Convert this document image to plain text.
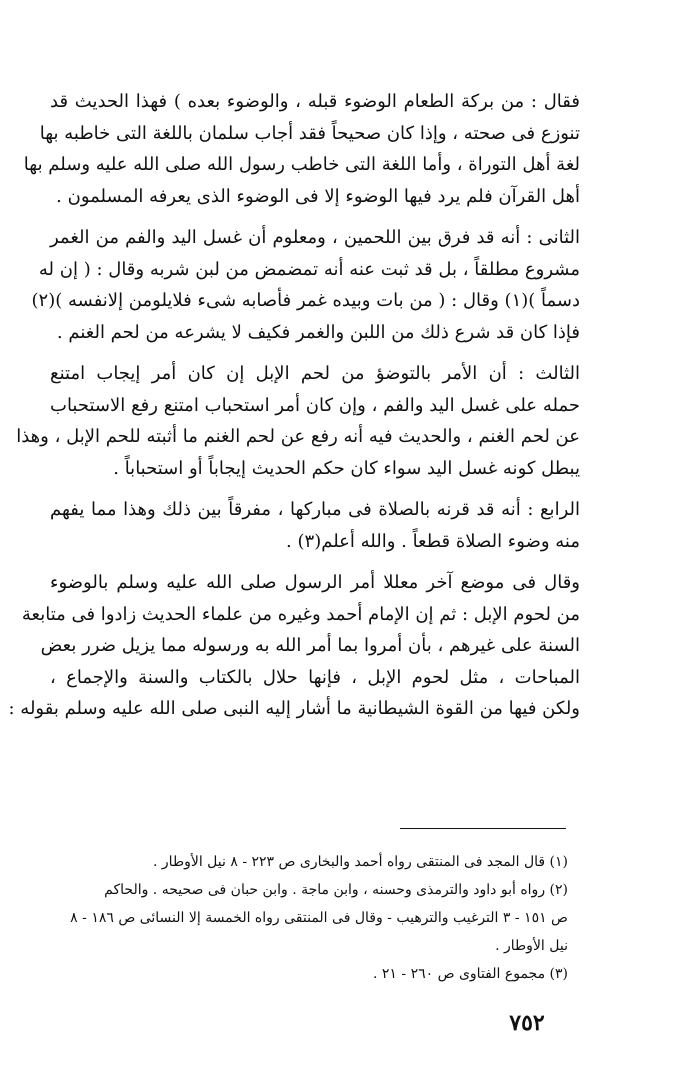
فقال : من بركة الطعام الوضوء قبله ، والوضوء بعده ) فهذا الحديث قد
تنوزع فى صحته ، وإذا كان صحيحاً فقد أجاب سلمان باللغة التى خاطبه بها
لغة أهل التوراة ، وأما اللغة التى خاطب رسول الله صلى الله عليه وسلم بها
أهل القرآن فلم يرد فيها الوضوء إلا فى الوضوء الذى يعرفه المسلمون .

الثانى : أنه قد فرق بين اللحمين ، ومعلوم أن غسل اليد والفم من الغمر
مشروع مطلقاً ، بل قد ثبت عنه أنه تمضمض من لبن شربه وقال : ( إن له
دسماً )(١) وقال : ( من بات وبيده غمر فأصابه شىء فلايلومن إلانفسه )(٢)
فإذا كان قد شرع ذلك من اللبن والغمر فكيف لا يشرعه من لحم الغنم .

الثالث : أن الأمر بالتوضؤ من لحم الإبل إن كان أمر إيجاب امتنع
حمله على غسل اليد والفم ، وإن كان أمر استحباب امتنع رفع الاستحباب
عن لحم الغنم ، والحديث فيه أنه رفع عن لحم الغنم ما أثبته للحم الإبل ، وهذا
يبطل كونه غسل اليد سواء كان حكم الحديث إيجاباً أو استحباباً .

الرابع : أنه قد قرنه بالصلاة فى مباركها ، مفرقاً بين ذلك وهذا مما يفهم
منه وضوء الصلاة قطعاً . والله أعلم(٣) .

وقال فى موضع آخر معللا أمر الرسول صلى الله عليه وسلم بالوضوء
من لحوم الإبل : ثم إن الإمام أحمد وغيره من علماء الحديث زادوا فى متابعة
السنة على غيرهم ، بأن أمروا بما أمر الله به ورسوله مما يزيل ضرر بعض
المباحات ، مثل لحوم الإبل ، فإنها حلال بالكتاب والسنة والإجماع ،
ولكن فيها من القوة الشيطانية ما أشار إليه النبى صلى الله عليه وسلم بقوله :

(١) قال المجد فى المنتقى رواه أحمد والبخارى ص ٢٢٣ - ٨ نيل الأوطار .
(٢) رواه أبو داود والترمذى وحسنه ، وابن ماجة . وابن حبان فى صحيحه . والحاكم
ص ١٥١ - ٣ الترغيب والترهيب - وقال فى المنتقى رواه الخمسة إلا النسائى ص ١٨٦ - ٨
نيل الأوطار .
(٣) مجموع الفتاوى ص ٢٦٠ - ٢١ .
٧٥٢
